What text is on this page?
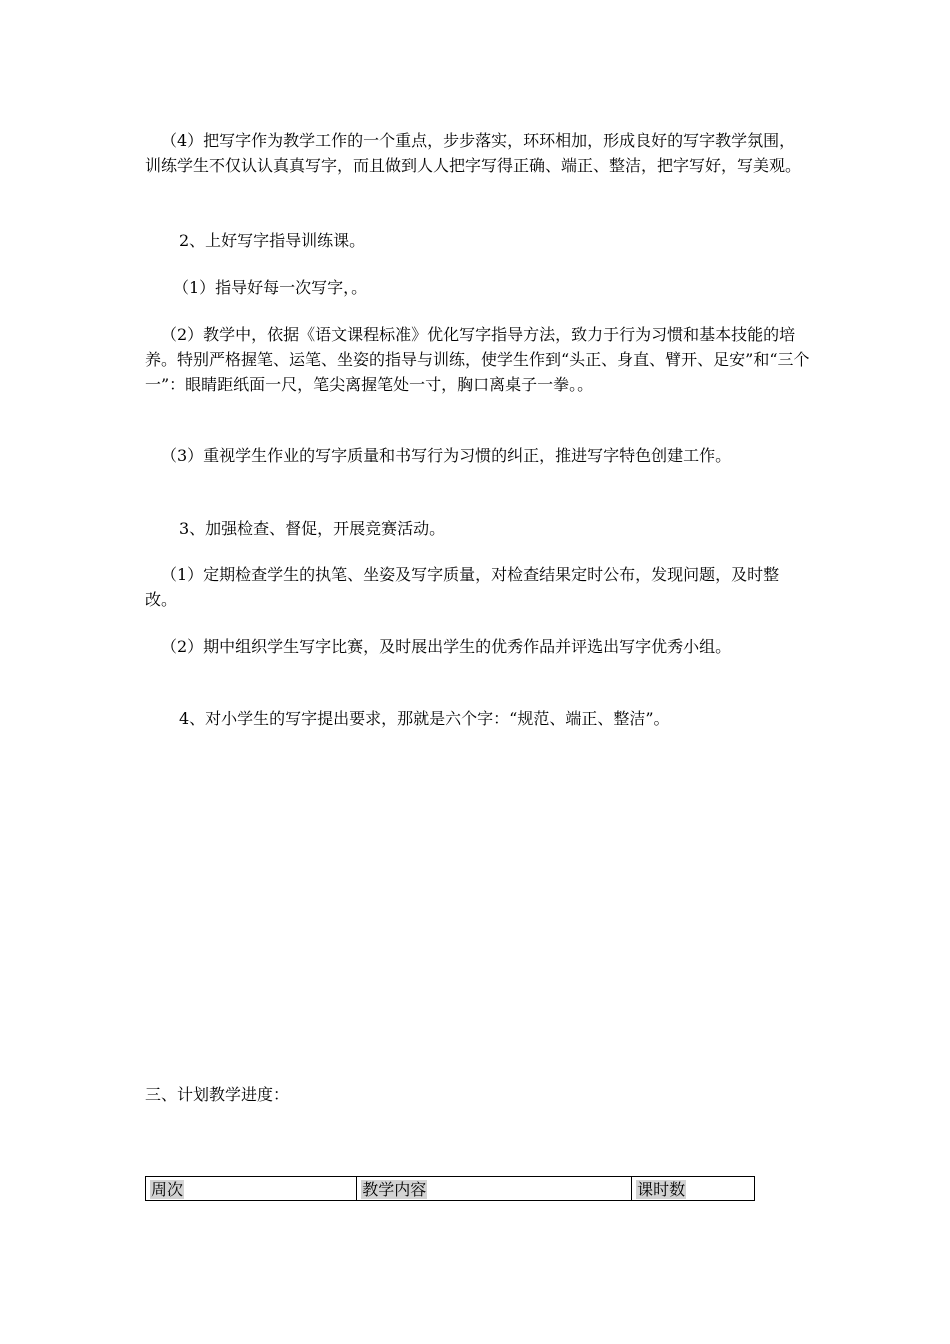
（4）把写字作为教学工作的一个重点，步步落实，环环相加，形成良好的写字教学氛围，训练学生不仅认认真真写字，而且做到人人把字写得正确、端正、整洁，把字写好，写美观。

2、上好写字指导训练课。

（1）指导好每一次写字，。

（2）教学中，依据《语文课程标准》优化写字指导方法，致力于行为习惯和基本技能的培养。特别严格握笔、运笔、坐姿的指导与训练，使学生作到“头正、身直、臂开、足安”和“三个一”：眼睛距纸面一尺，笔尖离握笔处一寸，胸口离桌子一拳。。

（3）重视学生作业的写字质量和书写行为习惯的纠正，推进写字特色创建工作。

3、加强检查、督促，开展竞赛活动。

（1）定期检查学生的执笔、坐姿及写字质量，对检查结果定时公布，发现问题，及时整改。

（2）期中组织学生写字比赛，及时展出学生的优秀作品并评选出写字优秀小组。

4、对小学生的写字提出要求，那就是六个字：“规范、端正、整洁”。

三、计划教学进度：

周次	教学内容	课时数
